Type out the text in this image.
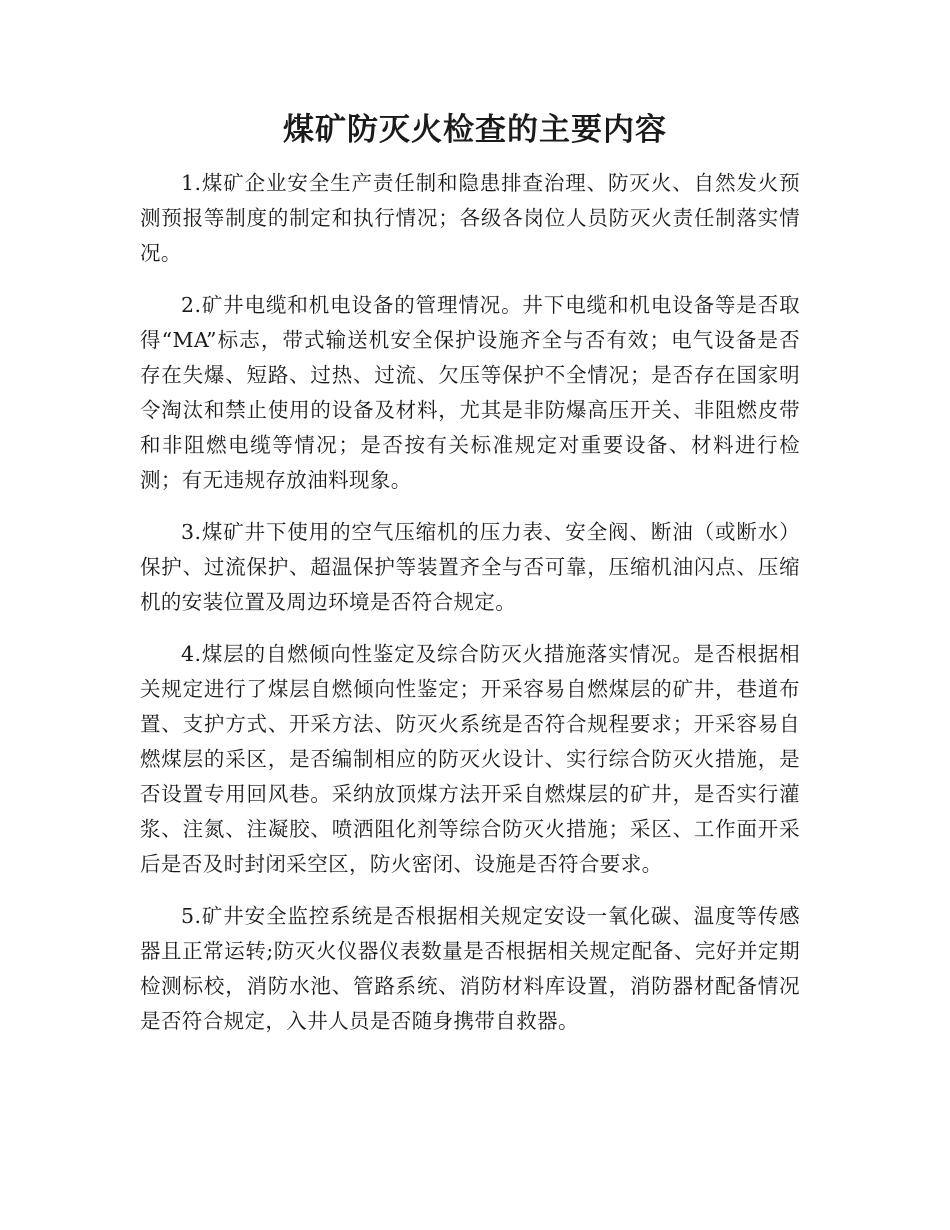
煤矿防灭火检查的主要内容

1.煤矿企业安全生产责任制和隐患排查治理、防灭火、自然发火预测预报等制度的制定和执行情况；各级各岗位人员防灭火责任制落实情况。

2.矿井电缆和机电设备的管理情况。井下电缆和机电设备等是否取得“MA”标志，带式输送机安全保护设施齐全与否有效；电气设备是否存在失爆、短路、过热、过流、欠压等保护不全情况；是否存在国家明令淘汰和禁止使用的设备及材料，尤其是非防爆高压开关、非阻燃皮带和非阻燃电缆等情况；是否按有关标准规定对重要设备、材料进行检测；有无违规存放油料现象。

3.煤矿井下使用的空气压缩机的压力表、安全阀、断油（或断水）保护、过流保护、超温保护等装置齐全与否可靠，压缩机油闪点、压缩机的安装位置及周边环境是否符合规定。

4.煤层的自燃倾向性鉴定及综合防灭火措施落实情况。是否根据相关规定进行了煤层自燃倾向性鉴定；开采容易自燃煤层的矿井，巷道布置、支护方式、开采方法、防灭火系统是否符合规程要求；开采容易自燃煤层的采区，是否编制相应的防灭火设计、实行综合防灭火措施，是否设置专用回风巷。采纳放顶煤方法开采自燃煤层的矿井，是否实行灌浆、注氮、注凝胶、喷洒阻化剂等综合防灭火措施；采区、工作面开采后是否及时封闭采空区，防火密闭、设施是否符合要求。

5.矿井安全监控系统是否根据相关规定安设一氧化碳、温度等传感器且正常运转;防灭火仪器仪表数量是否根据相关规定配备、完好并定期检测标校，消防水池、管路系统、消防材料库设置，消防器材配备情况是否符合规定，入井人员是否随身携带自救器。
